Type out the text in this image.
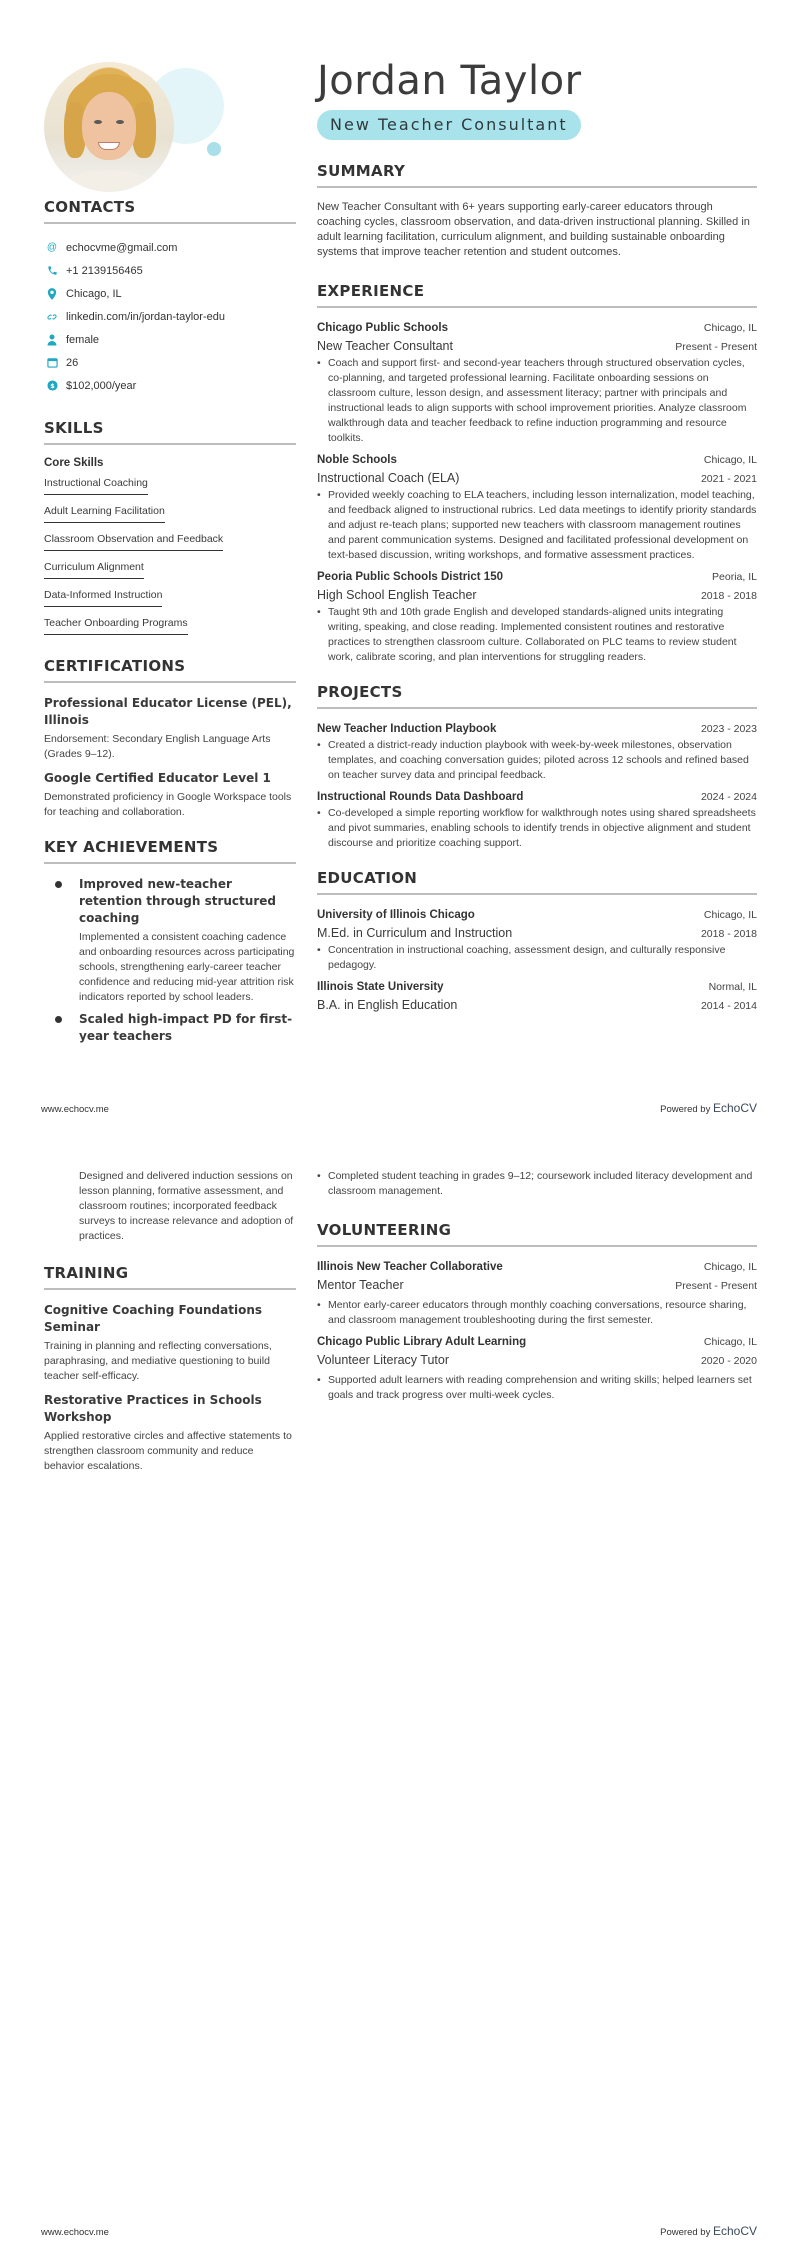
Jordan Taylor
New Teacher Consultant
CONTACTS
@ echocvme@gmail.com
+1 2139156465
Chicago, IL
linkedin.com/in/jordan-taylor-edu
female
26
$ $102,000/year
SKILLS
Core Skills
Instructional Coaching
Adult Learning Facilitation
Classroom Observation and Feedback
Curriculum Alignment
Data-Informed Instruction
Teacher Onboarding Programs
CERTIFICATIONS
Professional Educator License (PEL), Illinois
Endorsement: Secondary English Language Arts (Grades 9–12).
Google Certified Educator Level 1
Demonstrated proficiency in Google Workspace tools for teaching and collaboration.
KEY ACHIEVEMENTS
Improved new-teacher retention through structured coaching
Implemented a consistent coaching cadence and onboarding resources across participating schools, strengthening early-career teacher confidence and reducing mid-year attrition risk indicators reported by school leaders.
Scaled high-impact PD for first-year teachers
SUMMARY

New Teacher Consultant with 6+ years supporting early-career educators through coaching cycles, classroom observation, and data-driven instructional planning. Skilled in adult learning facilitation, curriculum alignment, and building sustainable onboarding systems that improve teacher retention and student outcomes.

EXPERIENCE
Chicago Public Schools	Chicago, IL
New Teacher Consultant	Present - Present
• Coach and support first- and second-year teachers through structured observation cycles, co-planning, and targeted professional learning. Facilitate onboarding sessions on classroom culture, lesson design, and assessment literacy; partner with principals and instructional leads to align supports with school improvement priorities. Analyze classroom walkthrough data and teacher feedback to refine induction programming and resource toolkits.
Noble Schools	Chicago, IL
Instructional Coach (ELA)	2021 - 2021
• Provided weekly coaching to ELA teachers, including lesson internalization, model teaching, and feedback aligned to instructional rubrics. Led data meetings to identify priority standards and adjust re-teach plans; supported new teachers with classroom management routines and parent communication systems. Designed and facilitated professional development on text-based discussion, writing workshops, and formative assessment practices.
Peoria Public Schools District 150	Peoria, IL
High School English Teacher	2018 - 2018
• Taught 9th and 10th grade English and developed standards-aligned units integrating writing, speaking, and close reading. Implemented consistent routines and restorative practices to strengthen classroom culture. Collaborated on PLC teams to review student work, calibrate scoring, and plan interventions for struggling readers.
PROJECTS
New Teacher Induction Playbook	2023 - 2023
• Created a district-ready induction playbook with week-by-week milestones, observation templates, and coaching conversation guides; piloted across 12 schools and refined based on teacher survey data and principal feedback.
Instructional Rounds Data Dashboard	2024 - 2024
• Co-developed a simple reporting workflow for walkthrough notes using shared spreadsheets and pivot summaries, enabling schools to identify trends in objective alignment and student discourse and prioritize coaching support.
EDUCATION
University of Illinois Chicago	Chicago, IL
M.Ed. in Curriculum and Instruction	2018 - 2018
• Concentration in instructional coaching, assessment design, and culturally responsive pedagogy.
Illinois State University	Normal, IL
B.A. in English Education	2014 - 2014
www.echocv.me	Powered by EchoCV
Designed and delivered induction sessions on lesson planning, formative assessment, and classroom routines; incorporated feedback surveys to increase relevance and adoption of practices.
TRAINING
Cognitive Coaching Foundations Seminar
Training in planning and reflecting conversations, paraphrasing, and mediative questioning to build teacher self-efficacy.
Restorative Practices in Schools Workshop
Applied restorative circles and affective statements to strengthen classroom community and reduce behavior escalations.
• Completed student teaching in grades 9–12; coursework included literacy development and classroom management.
VOLUNTEERING
Illinois New Teacher Collaborative	Chicago, IL
Mentor Teacher	Present - Present
• Mentor early-career educators through monthly coaching conversations, resource sharing, and classroom management troubleshooting during the first semester.
Chicago Public Library Adult Learning	Chicago, IL
Volunteer Literacy Tutor	2020 - 2020
• Supported adult learners with reading comprehension and writing skills; helped learners set goals and track progress over multi-week cycles.
www.echocv.me	Powered by EchoCV
